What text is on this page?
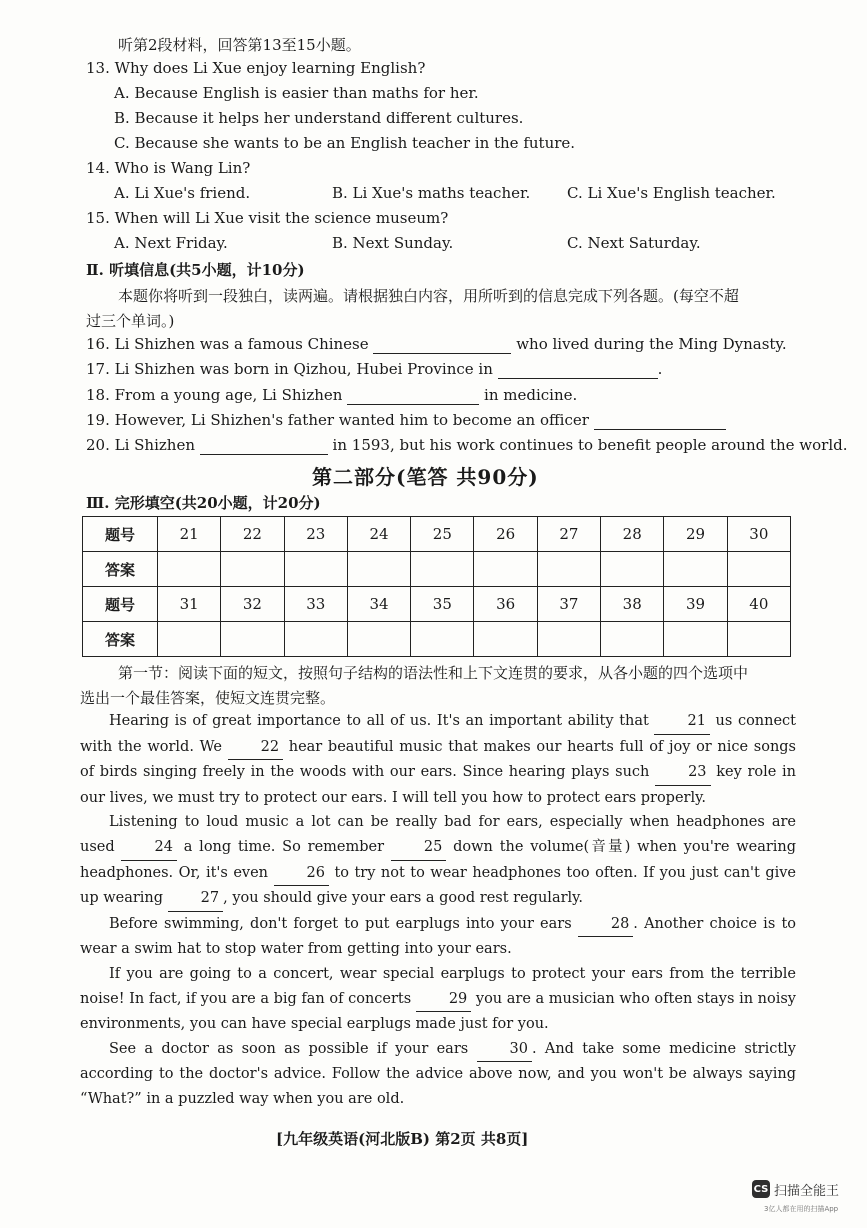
听第2段材料，回答第13至15小题。
13. Why does Li Xue enjoy learning English?
A. Because English is easier than maths for her.
B. Because it helps her understand different cultures.
C. Because she wants to be an English teacher in the future.
14. Who is Wang Lin?
A. Li Xue's friend.	B. Li Xue's maths teacher. C. Li Xue's English teacher.
15. When will Li Xue visit the science museum?
A. Next Friday.	B. Next Sunday.	C. Next Saturday.
Ⅱ. 听填信息(共5小题，计10分)
本题你将听到一段独白，读两遍。请根据独白内容，用所听到的信息完成下列各题。(每空不超
过三个单词。)
16. Li Shizhen was a famous Chinese	who lived during the Ming Dynasty.
17. Li Shizhen was born in Qizhou, Hubei Province in	.
18. From a young age, Li Shizhen	in medicine.
19. However, Li Shizhen's father wanted him to become an officer
20. Li Shizhen	in 1593, but his work continues to benefit people around the world.
第二部分(笔答 共90分)
Ⅲ. 完形填空(共20小题，计20分)
题号	21	22	23	24	25	26	27	28	29	30
答案										
题号	31	32	33	34	35	36	37	38	39	40
答案										
第一节：阅读下面的短文，按照句子结构的语法性和上下文连贯的要求，从各小题的四个选项中
选出一个最佳答案，使短文连贯完整。

Hearing is of great importance to all of us. It's an important ability that	21 us connect with the world. We	22 hear beautiful music that makes our hearts full of joy or nice songs of birds singing freely in the woods with our ears. Since hearing plays such	23 key role in our lives, we must try to protect our ears. I will tell you how to protect ears properly.

Listening to loud music a lot can be really bad for ears, especially when headphones are used	24 a long time. So remember	25 down the volume(音量) when you're wearing headphones. Or, it's even	26 to try not to wear headphones too often. If you just can't give up wearing	27 , you should give your ears a good rest regularly.

Before swimming, don't forget to put earplugs into your ears	28 . Another choice is to wear a swim hat to stop water from getting into your ears.

If you are going to a concert, wear special earplugs to protect your ears from the terrible noise! In fact, if you are a big fan of concerts	29 you are a musician who often stays in noisy environments, you can have special earplugs made just for you.

See a doctor as soon as possible if your ears	30 . And take some medicine strictly according to the doctor's advice. Follow the advice above now, and you won't be always saying “What?” in a puzzled way when you are old.

[九年级英语(河北版B) 第2页 共8页]
CS 扫描全能王
3亿人都在用的扫描App
